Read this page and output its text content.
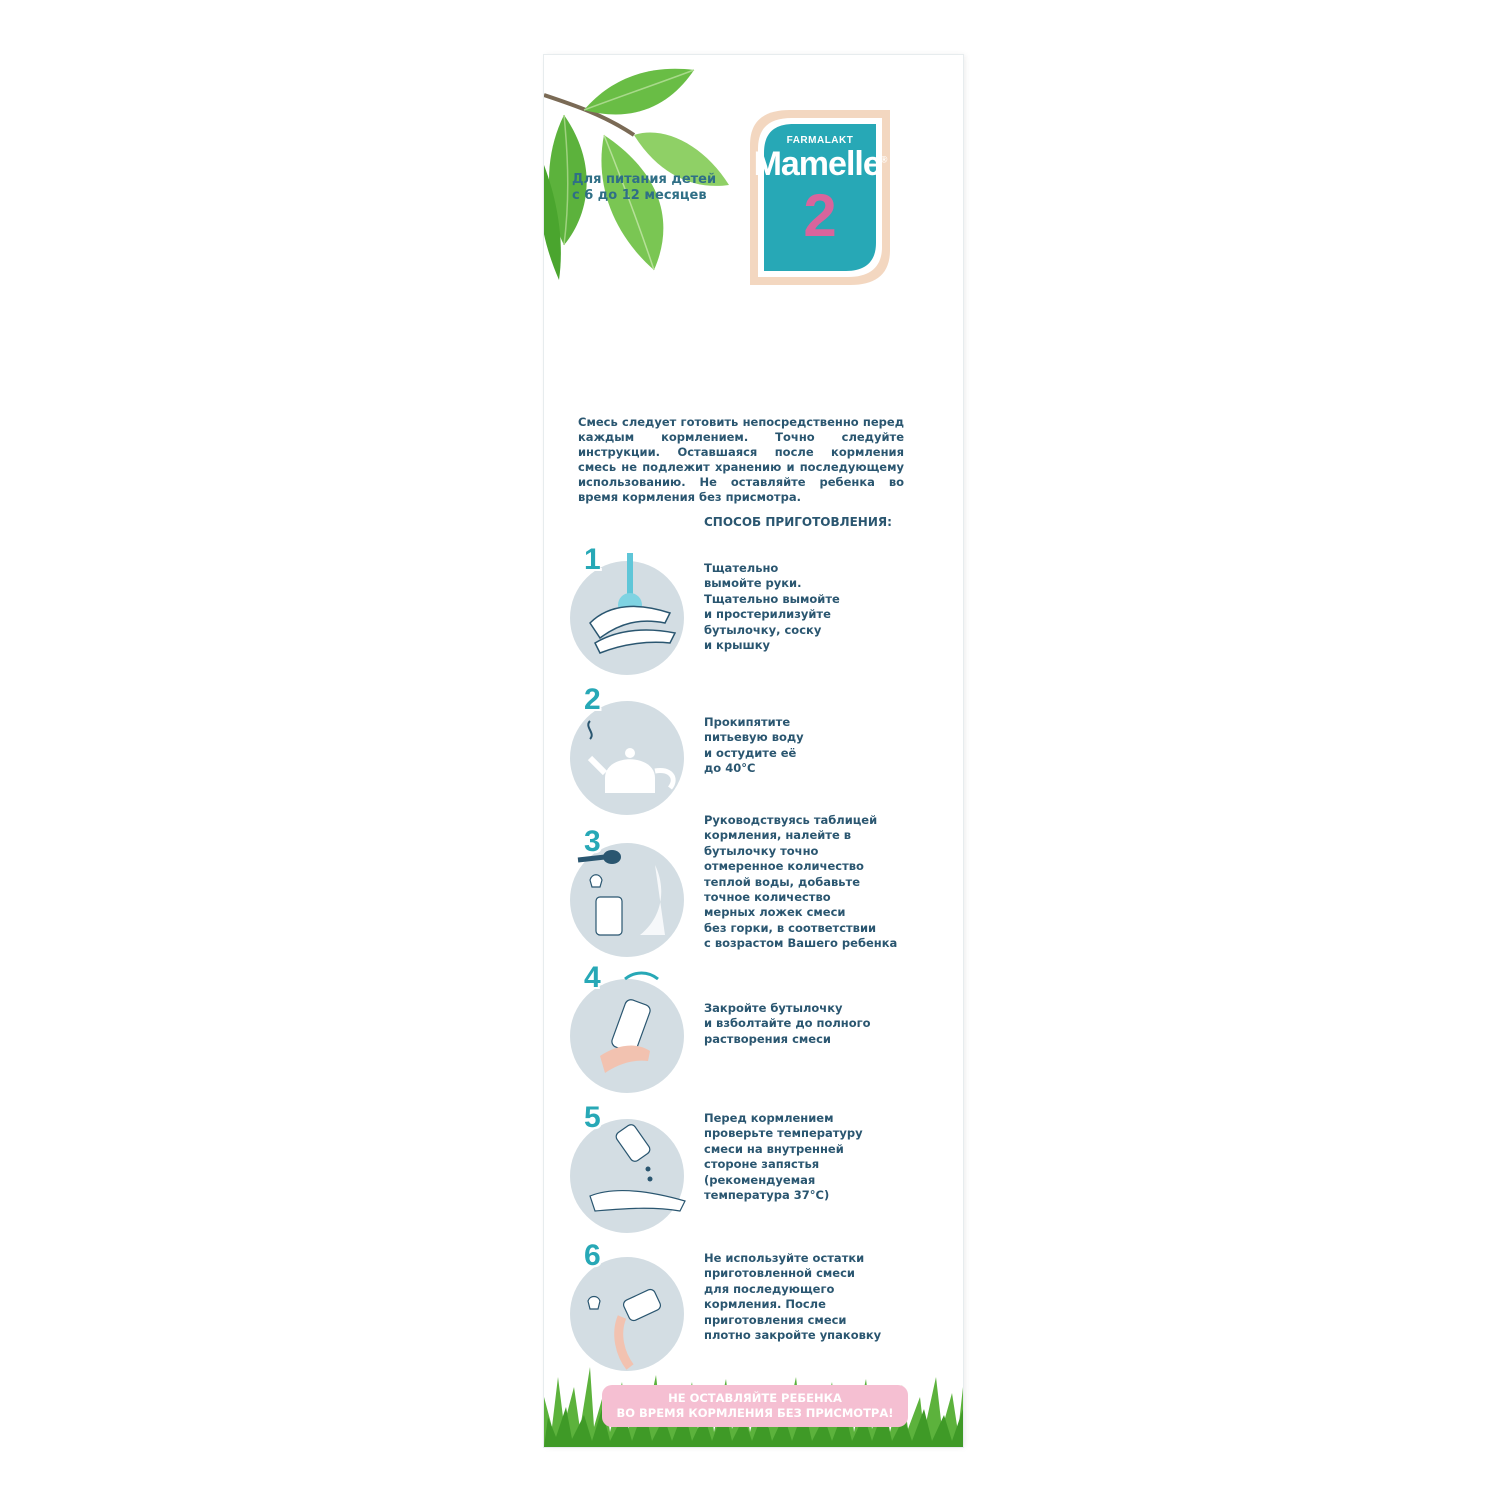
Для питания детей
с 6 до 12 месяцев
FARMALAKT
Mamelle®
2

Смесь следует готовить непосредственно перед каждым кормлением. Точно следуйте инструкции. Оставшаяся после кормления смесь не подлежит хранению и последующему использованию. Не оставляйте ребенка во время кормления без присмотра.

СПОСОБ ПРИГОТОВЛЕНИЯ:

1	Тщательно
вымойте руки.
Тщательно вымойте
и простерилизуйте
бутылочку, соску
и крышку
2
Прокипятите
питьевую воду
и остудите её
до 40°С
3
Руководствуясь таблицей
кормления, налейте в
бутылочку точно
отмеренное количество
теплой воды, добавьте
точное количество
мерных ложек смеси
без горки, в соответствии
с возрастом Вашего ребенка
4
Закройте бутылочку
и взболтайте до полного
растворения смеси
5	Перед кормлением
проверьте температуру
смеси на внутренней
стороне запястья
(рекомендуемая
температура 37°С)
6	Не используйте остатки
приготовленной смеси
для последующего
кормления. После
приготовления смеси
плотно закройте упаковку
НЕ ОСТАВЛЯЙТЕ РЕБЕНКА
ВО ВРЕМЯ КОРМЛЕНИЯ БЕЗ ПРИСМОТРА!
